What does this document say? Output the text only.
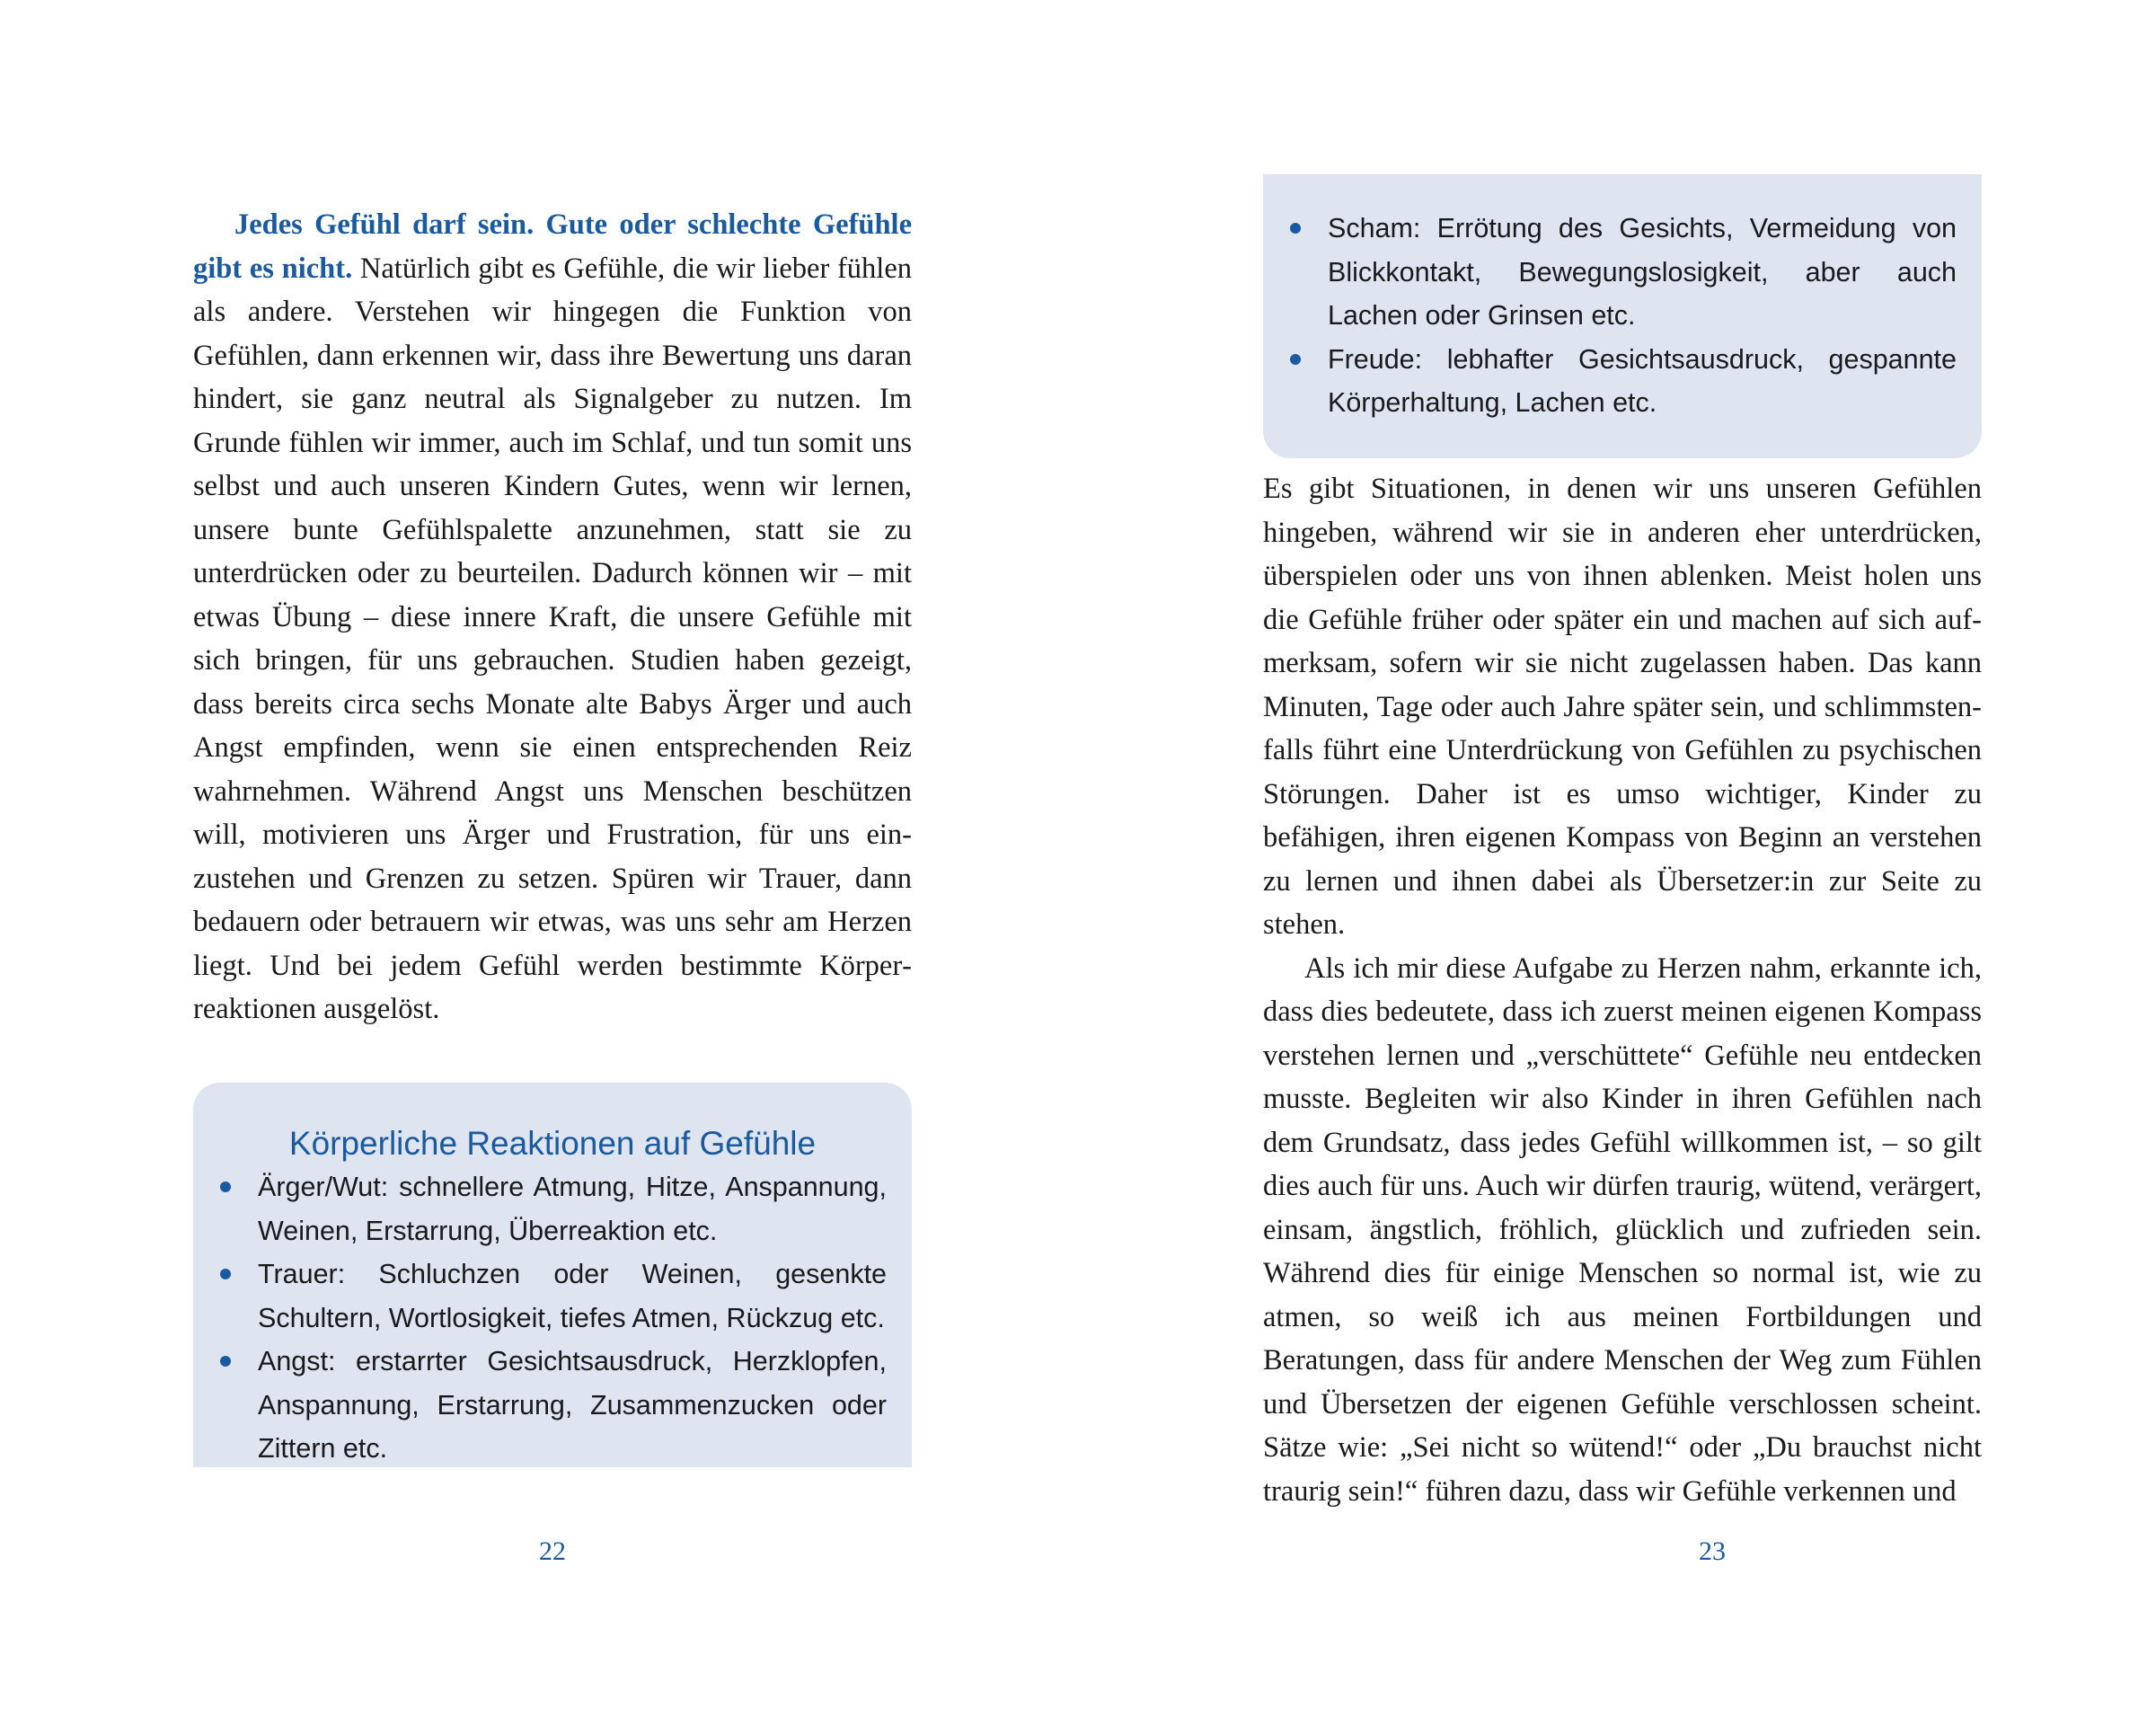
Jedes Gefühl darf sein. Gute oder schlechte Gefühle gibt es nicht. Natürlich gibt es Gefühle, die wir lieber fühlen als andere. Verstehen wir hingegen die Funktion von Gefühlen, dann erkennen wir, dass ihre Bewertung uns daran hindert, sie ganz neutral als Signalgeber zu nutzen. Im Grunde fühlen wir immer, auch im Schlaf, und tun somit uns selbst und auch unseren Kindern Gutes, wenn wir lernen, unsere bunte Gefühlspalette anzunehmen, statt sie zu unterdrücken oder zu beurteilen. Dadurch können wir – mit etwas Übung – diese innere Kraft, die unsere Gefühle mit sich bringen, für uns gebrauchen. Studien haben gezeigt, dass bereits circa sechs Monate alte Babys Ärger und auch Angst empfinden, wenn sie einen entsprechenden Reiz wahrnehmen. Während Angst uns Menschen beschützen will, motivieren uns Ärger und Frustration, für uns einzustehen und Grenzen zu setzen. Spüren wir Trauer, dann bedauern oder betrauern wir etwas, was uns sehr am Herzen liegt. Und bei jedem Gefühl werden bestimmte Körperreaktionen ausgelöst.

Körperliche Reaktionen auf Gefühle
Ärger/Wut: schnellere Atmung, Hitze, Anspannung, Weinen, Erstarrung, Überreaktion etc.
Trauer: Schluchzen oder Weinen, gesenkte Schultern, Wortlosigkeit, tiefes Atmen, Rückzug etc.
Angst: erstarrter Gesichtsausdruck, Herzklopfen, Anspannung, Erstarrung, Zusammenzucken oder Zittern etc.
22
Scham: Errötung des Gesichts, Vermeidung von Blickkontakt, Bewegungslosigkeit, aber auch Lachen oder Grinsen etc.
Freude: lebhafter Gesichtsausdruck, gespannte Körperhaltung, Lachen etc.

Es gibt Situationen, in denen wir uns unseren Gefühlen hingeben, während wir sie in anderen eher unterdrücken, überspielen oder uns von ihnen ablenken. Meist holen uns die Gefühle früher oder später ein und machen auf sich aufmerksam, sofern wir sie nicht zugelassen haben. Das kann Minuten, Tage oder auch Jahre später sein, und schlimmstenfalls führt eine Unterdrückung von Gefühlen zu psychischen Störungen. Daher ist es umso wichtiger, Kinder zu befähigen, ihren eigenen Kompass von Beginn an verstehen zu lernen und ihnen dabei als Übersetzer:in zur Seite zu stehen.

Als ich mir diese Aufgabe zu Herzen nahm, erkannte ich, dass dies bedeutete, dass ich zuerst meinen eigenen Kompass verstehen lernen und „verschüttete“ Gefühle neu entdecken musste. Begleiten wir also Kinder in ihren Gefühlen nach dem Grundsatz, dass jedes Gefühl willkommen ist, – so gilt dies auch für uns. Auch wir dürfen traurig, wütend, verärgert, einsam, ängstlich, fröhlich, glücklich und zufrieden sein. Während dies für einige Menschen so normal ist, wie zu atmen, so weiß ich aus meinen Fortbildungen und Beratungen, dass für andere Menschen der Weg zum Fühlen und Übersetzen der eigenen Gefühle verschlossen scheint. Sätze wie: „Sei nicht so wütend!“ oder „Du brauchst nicht traurig sein!“ führen dazu, dass wir Gefühle verkennen und

23
